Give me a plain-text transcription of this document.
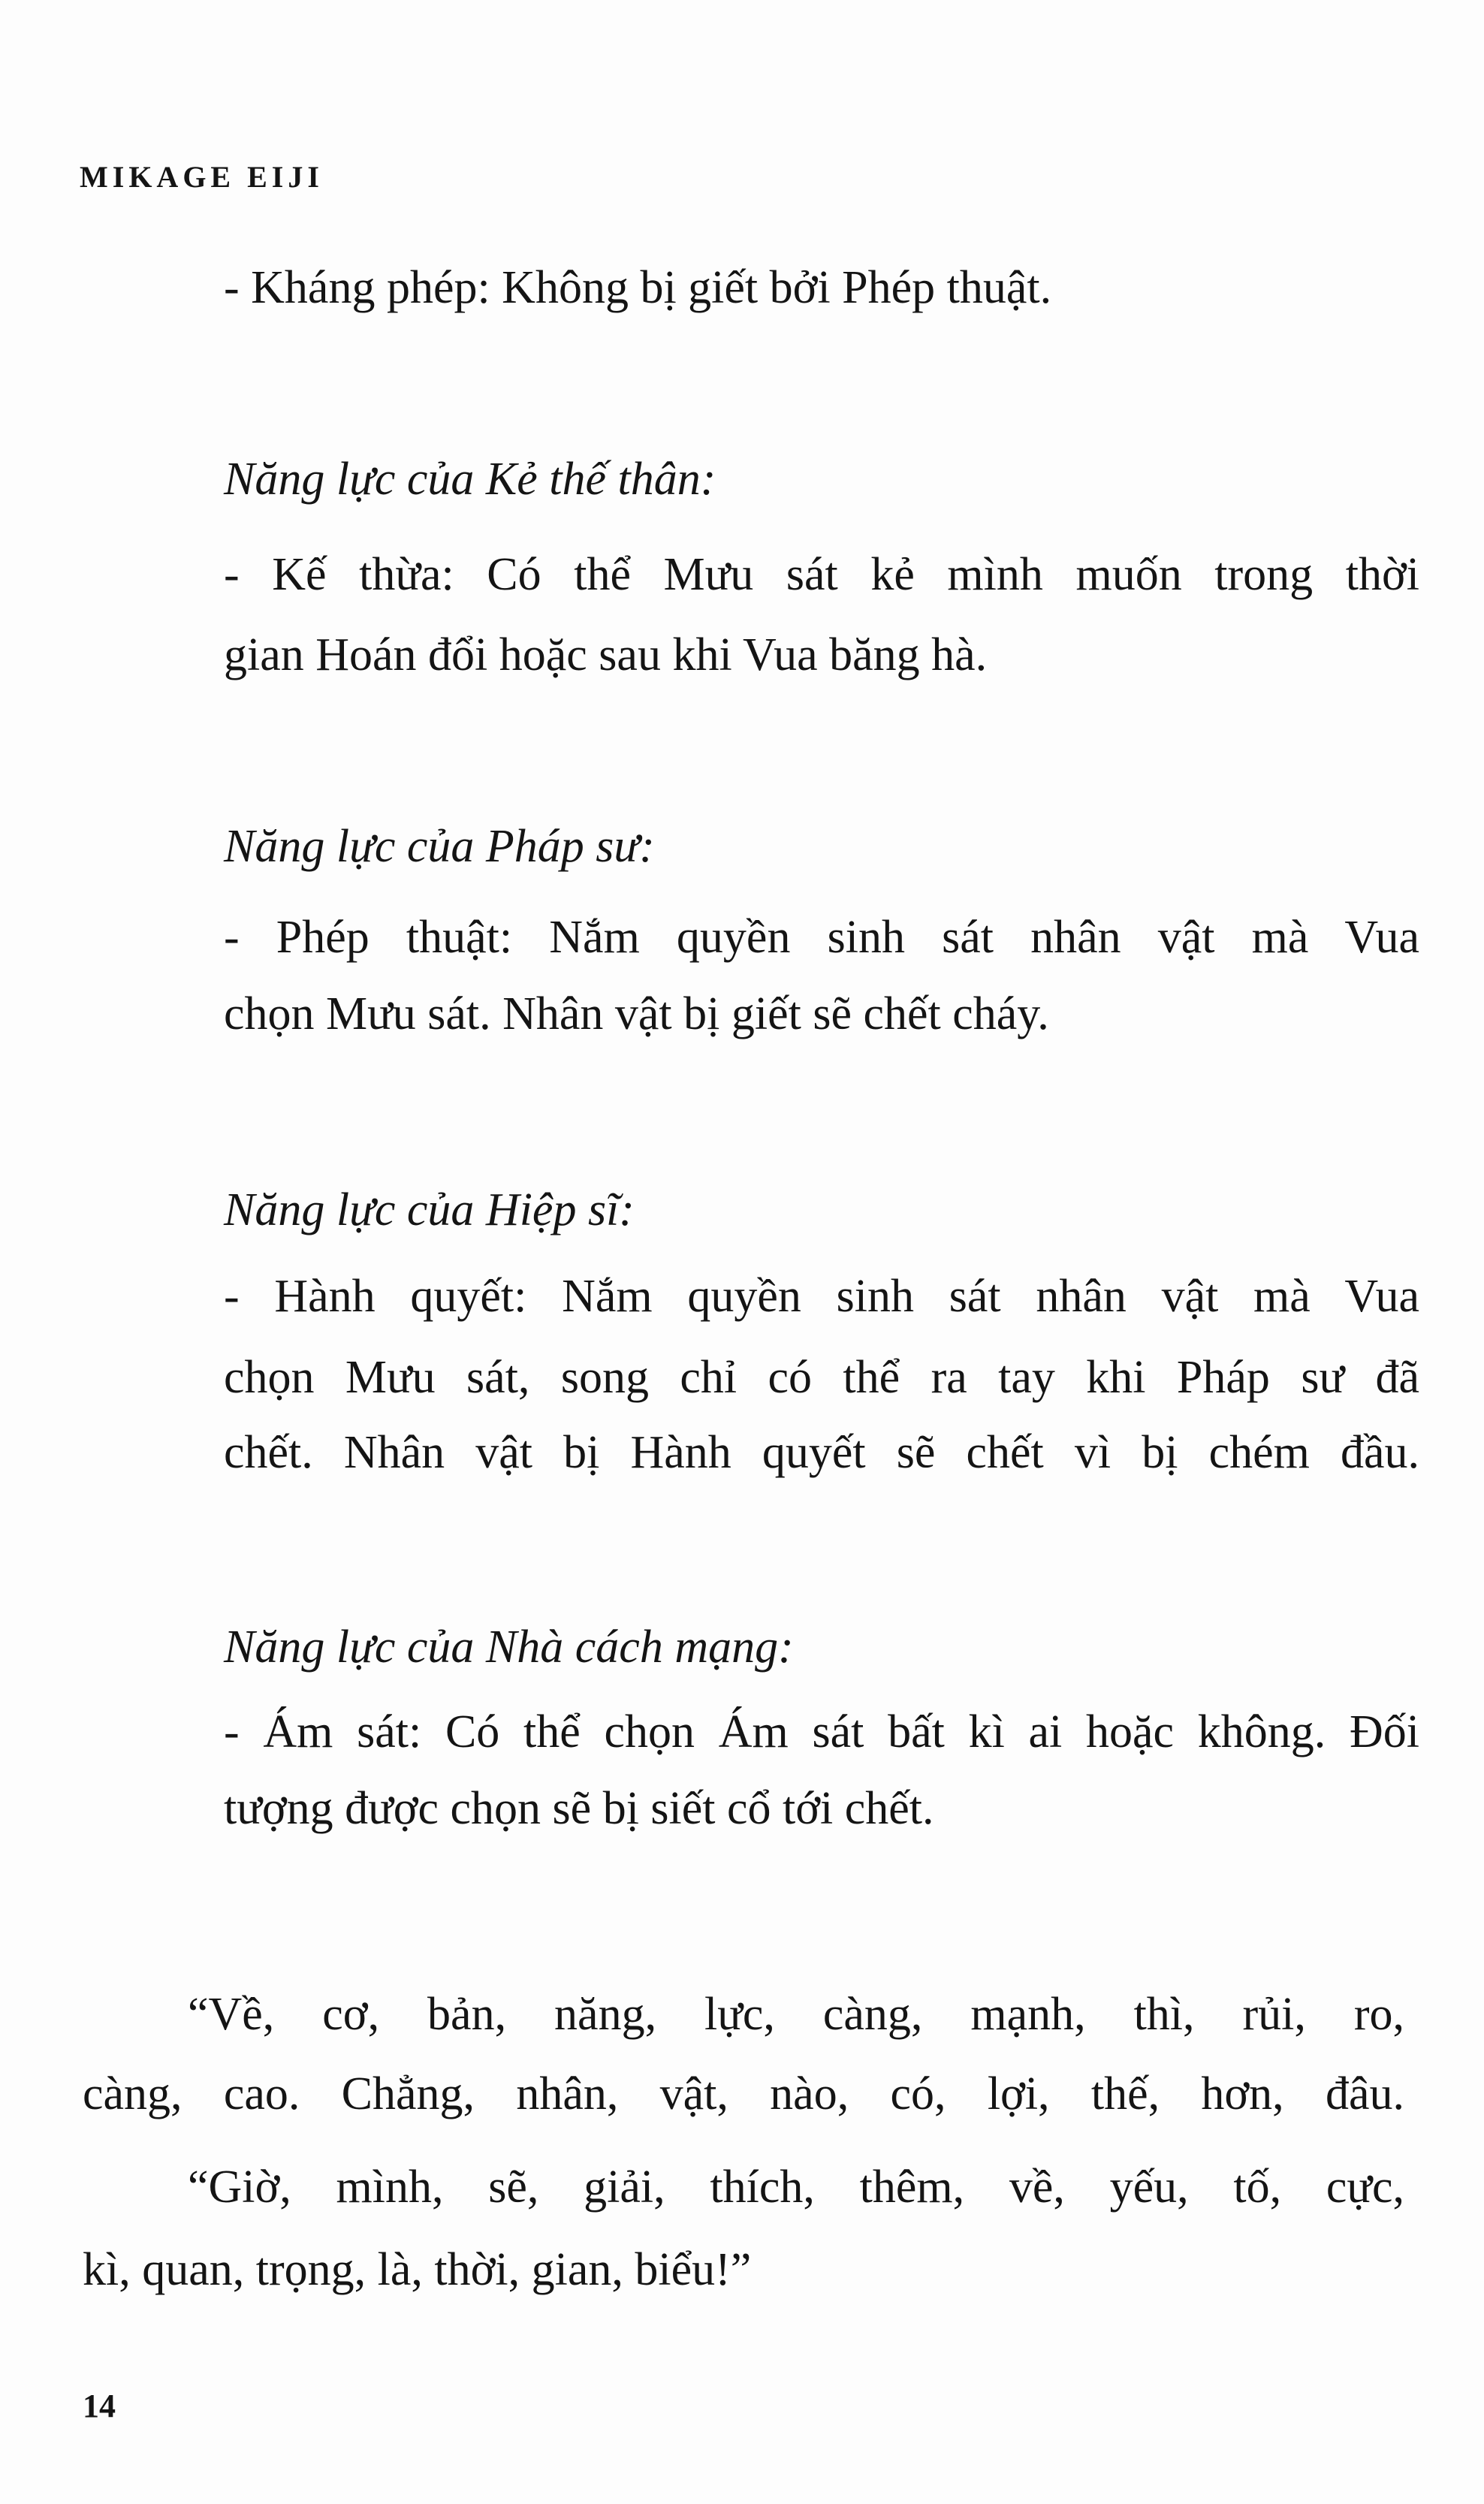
MIKAGE EIJI
- Kháng phép: Không bị giết bởi Phép thuật.
Năng lực của Kẻ thế thân:
- Kế thừa: Có thể Mưu sát kẻ mình muốn trong thời
gian Hoán đổi hoặc sau khi Vua băng hà.
Năng lực của Pháp sư:
- Phép thuật: Nắm quyền sinh sát nhân vật mà Vua
chọn Mưu sát. Nhân vật bị giết sẽ chết cháy.
Năng lực của Hiệp sĩ:
- Hành quyết: Nắm quyền sinh sát nhân vật mà Vua
chọn Mưu sát, song chỉ có thể ra tay khi Pháp sư đã
chết. Nhân vật bị Hành quyết sẽ chết vì bị chém đầu.
Năng lực của Nhà cách mạng:
- Ám sát: Có thể chọn Ám sát bất kì ai hoặc không. Đối
tượng được chọn sẽ bị siết cổ tới chết.
“Về, cơ, bản, năng, lực, càng, mạnh, thì, rủi, ro,
càng, cao. Chẳng, nhân, vật, nào, có, lợi, thế, hơn, đâu.
“Giờ, mình, sẽ, giải, thích, thêm, về, yếu, tố, cực,
kì, quan, trọng, là, thời, gian, biểu!”
14
